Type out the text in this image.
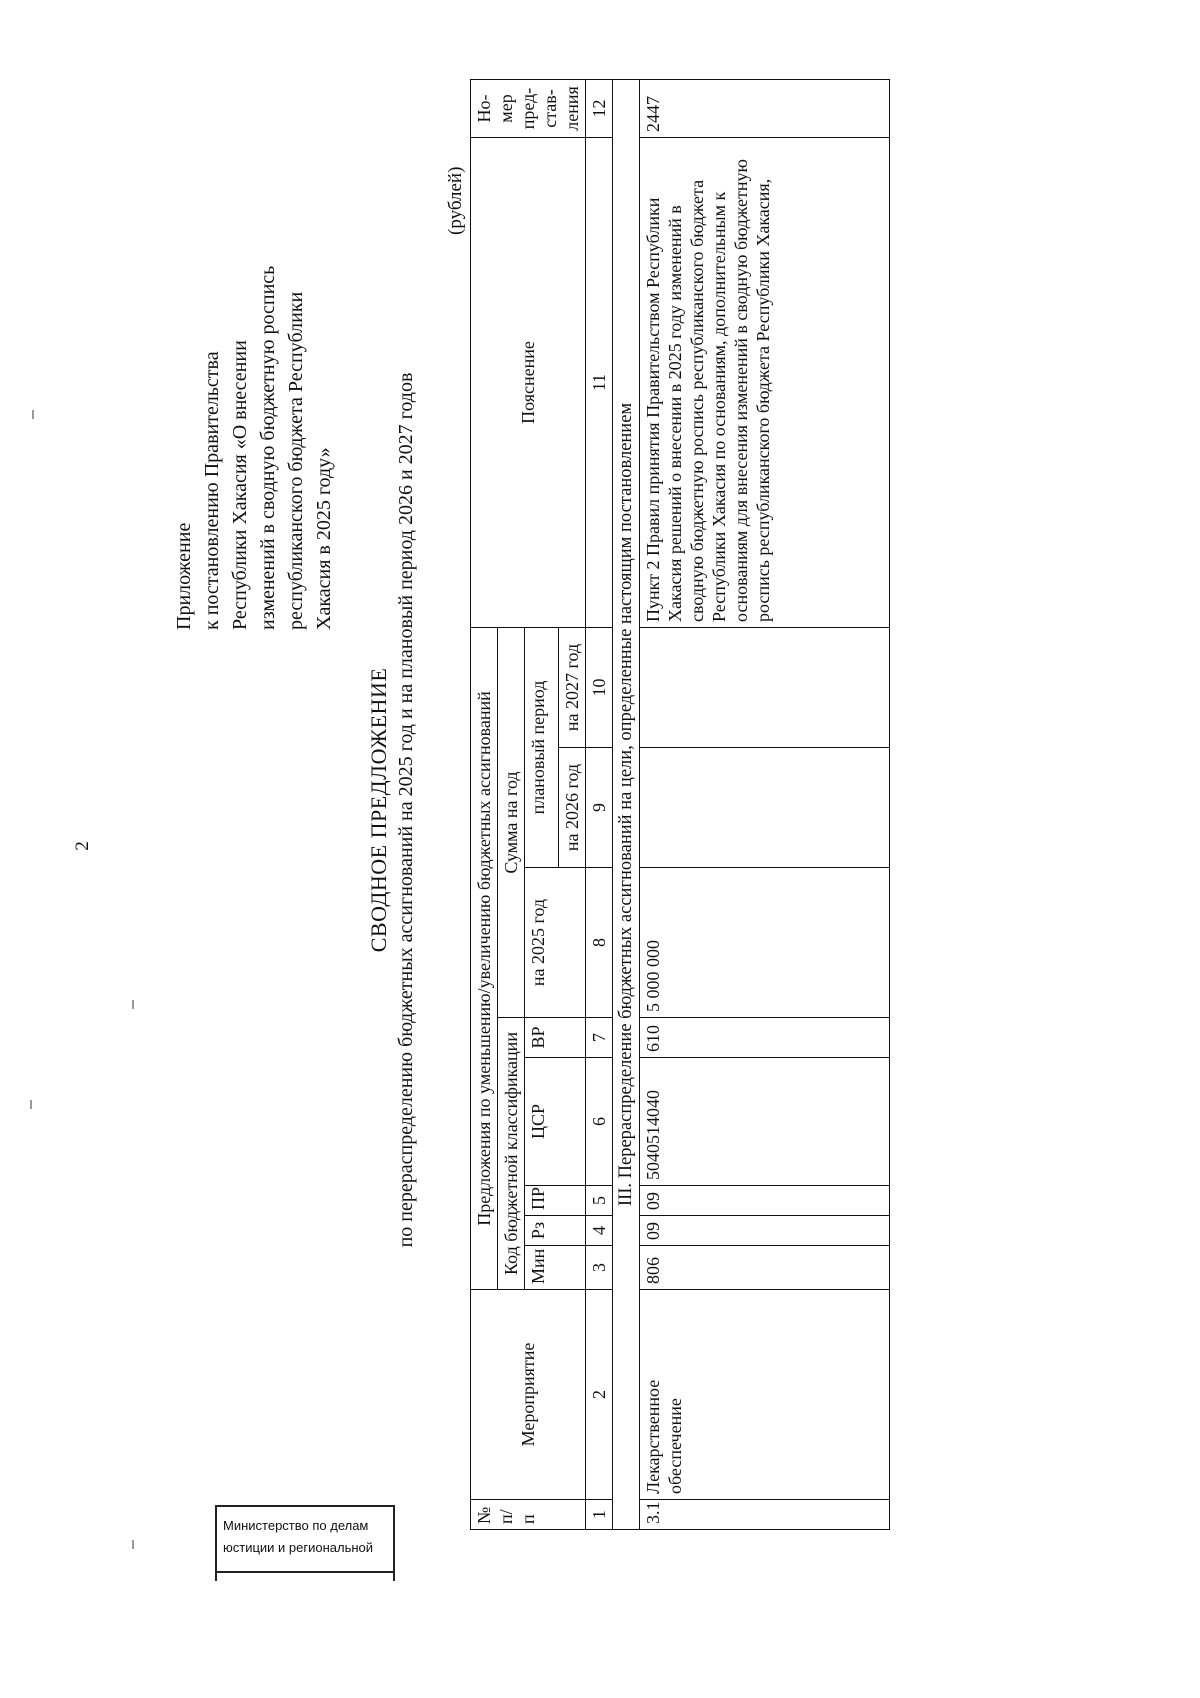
2
Приложение к постановлению Правительства Республики Хакасия «О внесении изменений в сводную бюджетную роспись республиканского бюджета Республики Хакасия в 2025 году»
СВОДНОЕ ПРЕДЛОЖЕНИЕ по перераспределению бюджетных ассигнований на 2025 год и на плановый период 2026 и 2027 годов
(рублей)
№ п/п	Мероприятие	Предложения по уменьшению/увеличению бюджетных ассигнований								Пояснение	Но- мер пред- став- ления
		Код бюджетной классификации					Сумма на год				
		Мин	Рз	ПР	ЦСР	ВР	на 2025 год	плановый период			
								на 2026 год	на 2027 год		
1	2	3	4	5	6	7	8	9	10	11	12
III. Перераспределение бюджетных ассигнований на цели, определенные настоящим постановлением											
3.1	Лекарственное обеспечение	806	09	09	5040514040	610	5 000 000			Пункт 2 Правил принятия Правительством Республики Хакасия решений о внесении в 2025 году изменений в сводную бюджетную роспись республиканского бюджета Республики Хакасия по основаниям, дополнительным к основаниям для внесения изменений в сводную бюджетную роспись республиканского бюджета Республики Хакасия,	2447
Министерство по делам
юстиции и региональной
